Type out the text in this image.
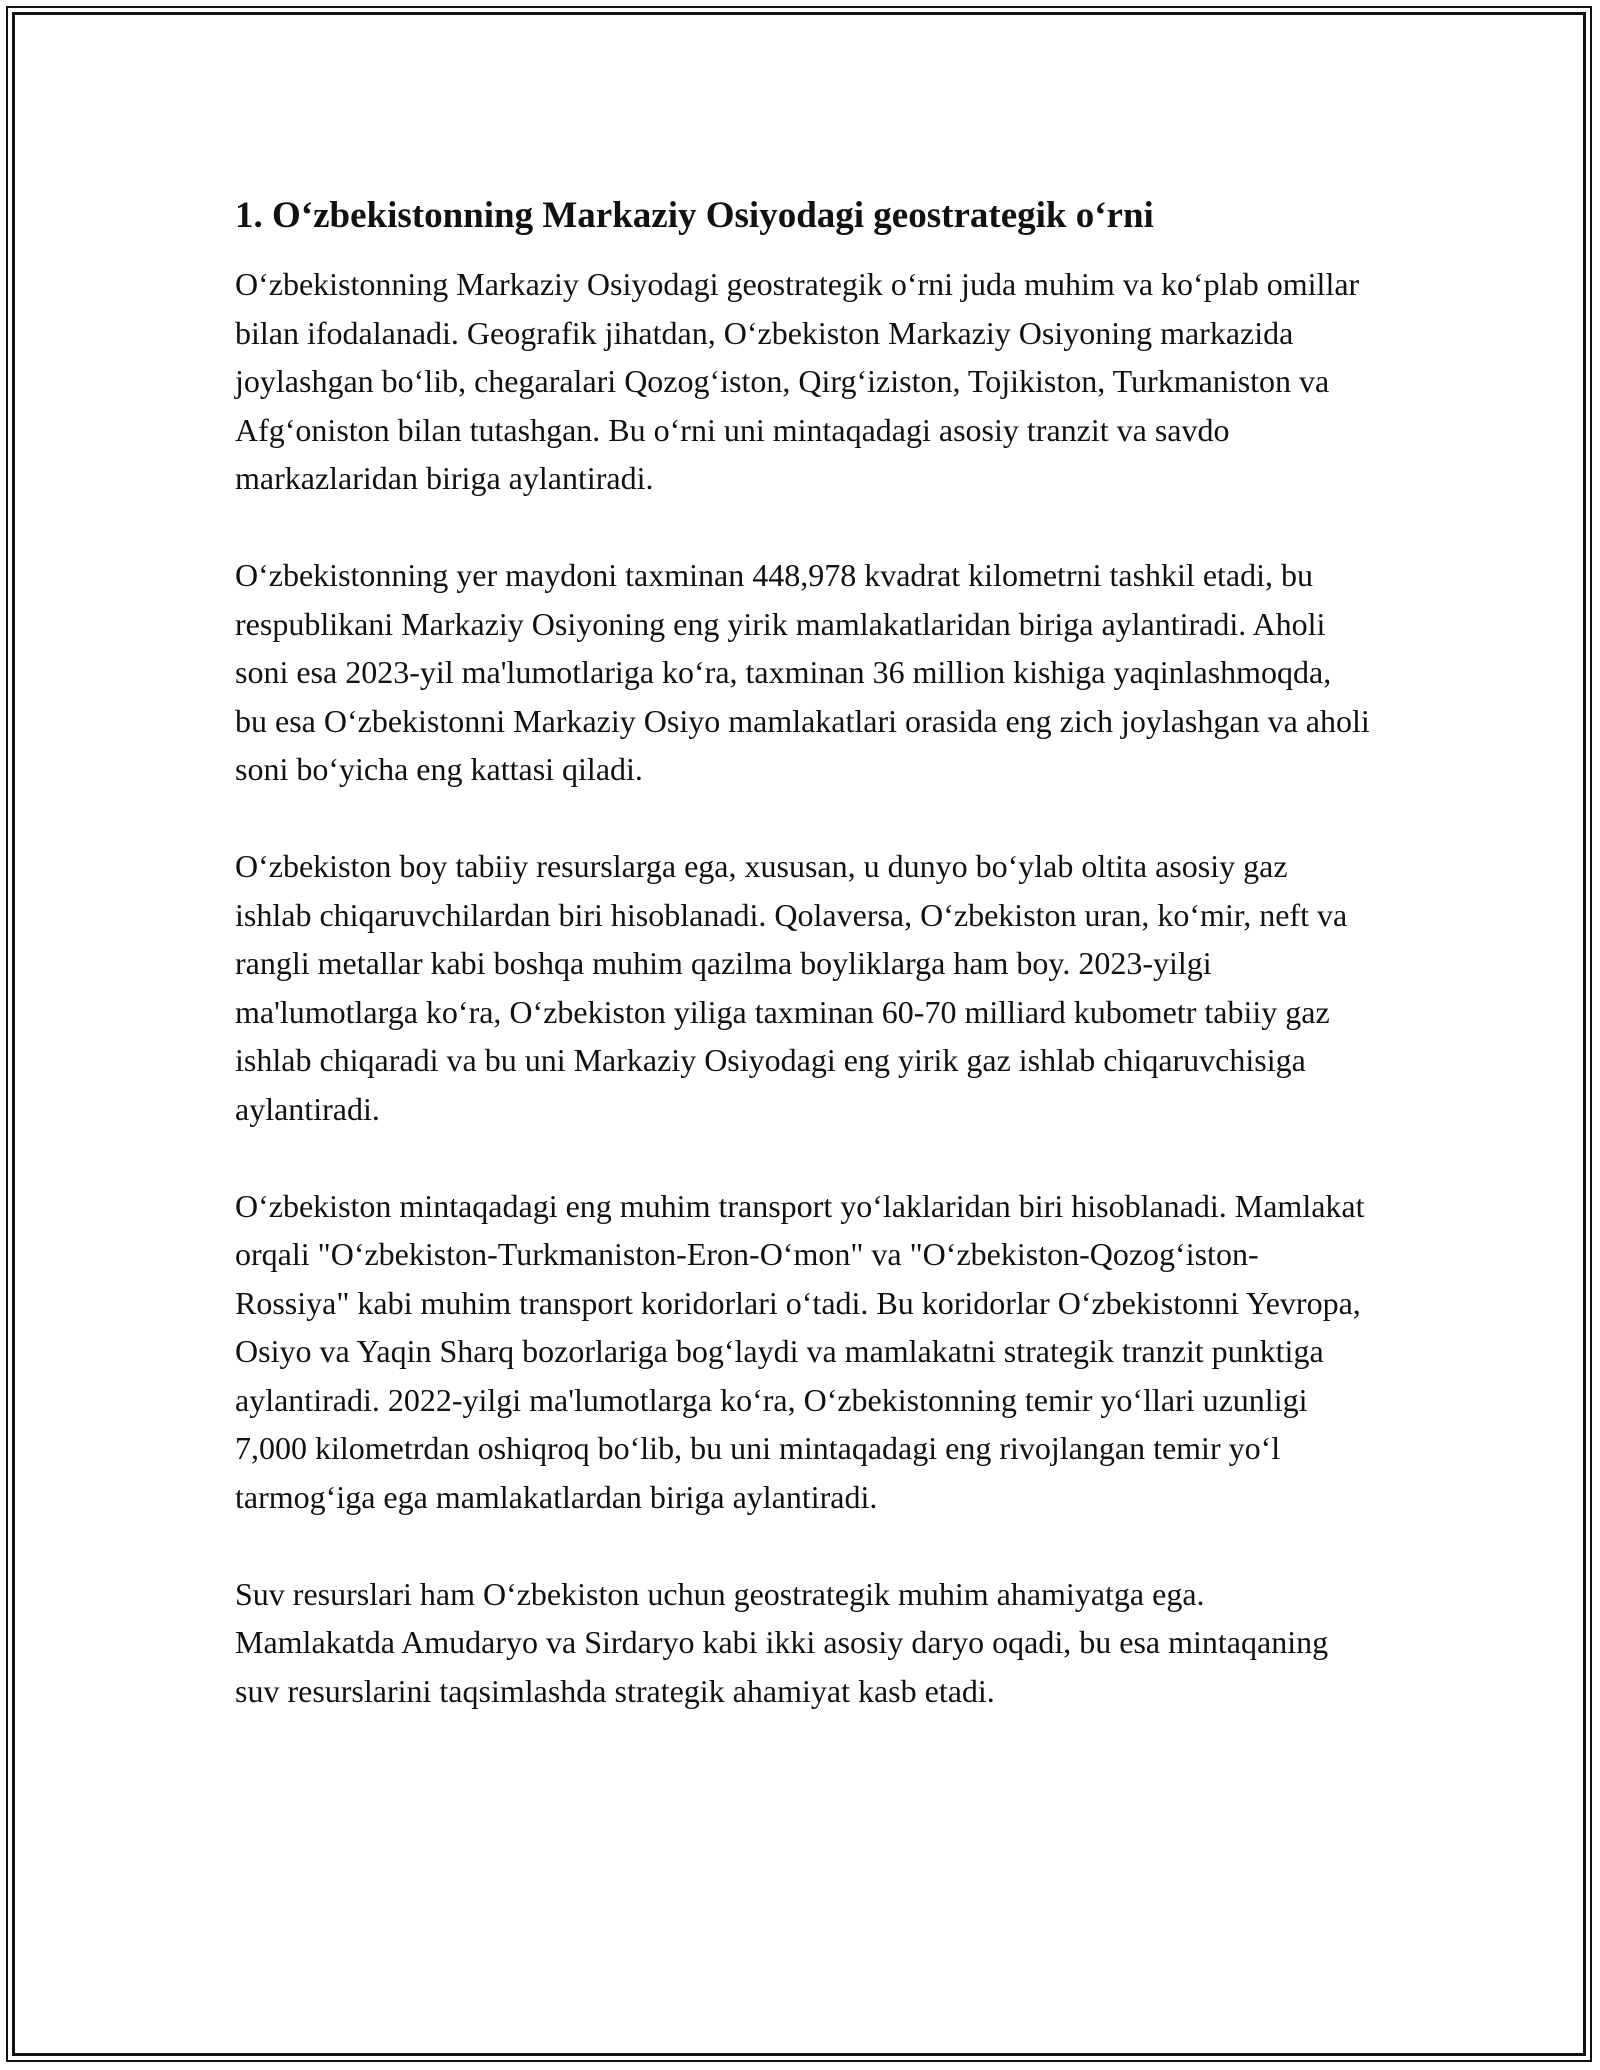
1. O‘zbekistonning Markaziy Osiyodagi geostrategik o‘rni

O‘zbekistonning Markaziy Osiyodagi geostrategik o‘rni juda muhim va ko‘plab omillar bilan ifodalanadi. Geografik jihatdan, O‘zbekiston Markaziy Osiyoning markazida joylashgan bo‘lib, chegaralari Qozog‘iston, Qirg‘iziston, Tojikiston, Turkmaniston va Afg‘oniston bilan tutashgan. Bu o‘rni uni mintaqadagi asosiy tranzit va savdo markazlaridan biriga aylantiradi.

O‘zbekistonning yer maydoni taxminan 448,978 kvadrat kilometrni tashkil etadi, bu respublikani Markaziy Osiyoning eng yirik mamlakatlaridan biriga aylantiradi. Aholi soni esa 2023-yil ma'lumotlariga ko‘ra, taxminan 36 million kishiga yaqinlashmoqda, bu esa O‘zbekistonni Markaziy Osiyo mamlakatlari orasida eng zich joylashgan va aholi soni bo‘yicha eng kattasi qiladi.

O‘zbekiston boy tabiiy resurslarga ega, xususan, u dunyo bo‘ylab oltita asosiy gaz ishlab chiqaruvchilardan biri hisoblanadi. Qolaversa, O‘zbekiston uran, ko‘mir, neft va rangli metallar kabi boshqa muhim qazilma boyliklarga ham boy. 2023-yilgi ma'lumotlarga ko‘ra, O‘zbekiston yiliga taxminan 60-70 milliard kubometr tabiiy gaz ishlab chiqaradi va bu uni Markaziy Osiyodagi eng yirik gaz ishlab chiqaruvchisiga aylantiradi.

O‘zbekiston mintaqadagi eng muhim transport yo‘laklaridan biri hisoblanadi. Mamlakat orqali "O‘zbekiston-Turkmaniston-Eron-O‘mon" va "O‘zbekiston-Qozog‘iston-Rossiya" kabi muhim transport koridorlari o‘tadi. Bu koridorlar O‘zbekistonni Yevropa, Osiyo va Yaqin Sharq bozorlariga bog‘laydi va mamlakatni strategik tranzit punktiga aylantiradi. 2022-yilgi ma'lumotlarga ko‘ra, O‘zbekistonning temir yo‘llari uzunligi 7,000 kilometrdan oshiqroq bo‘lib, bu uni mintaqadagi eng rivojlangan temir yo‘l tarmog‘iga ega mamlakatlardan biriga aylantiradi.

Suv resurslari ham O‘zbekiston uchun geostrategik muhim ahamiyatga ega. Mamlakatda Amudaryo va Sirdaryo kabi ikki asosiy daryo oqadi, bu esa mintaqaning suv resurslarini taqsimlashda strategik ahamiyat kasb etadi.
